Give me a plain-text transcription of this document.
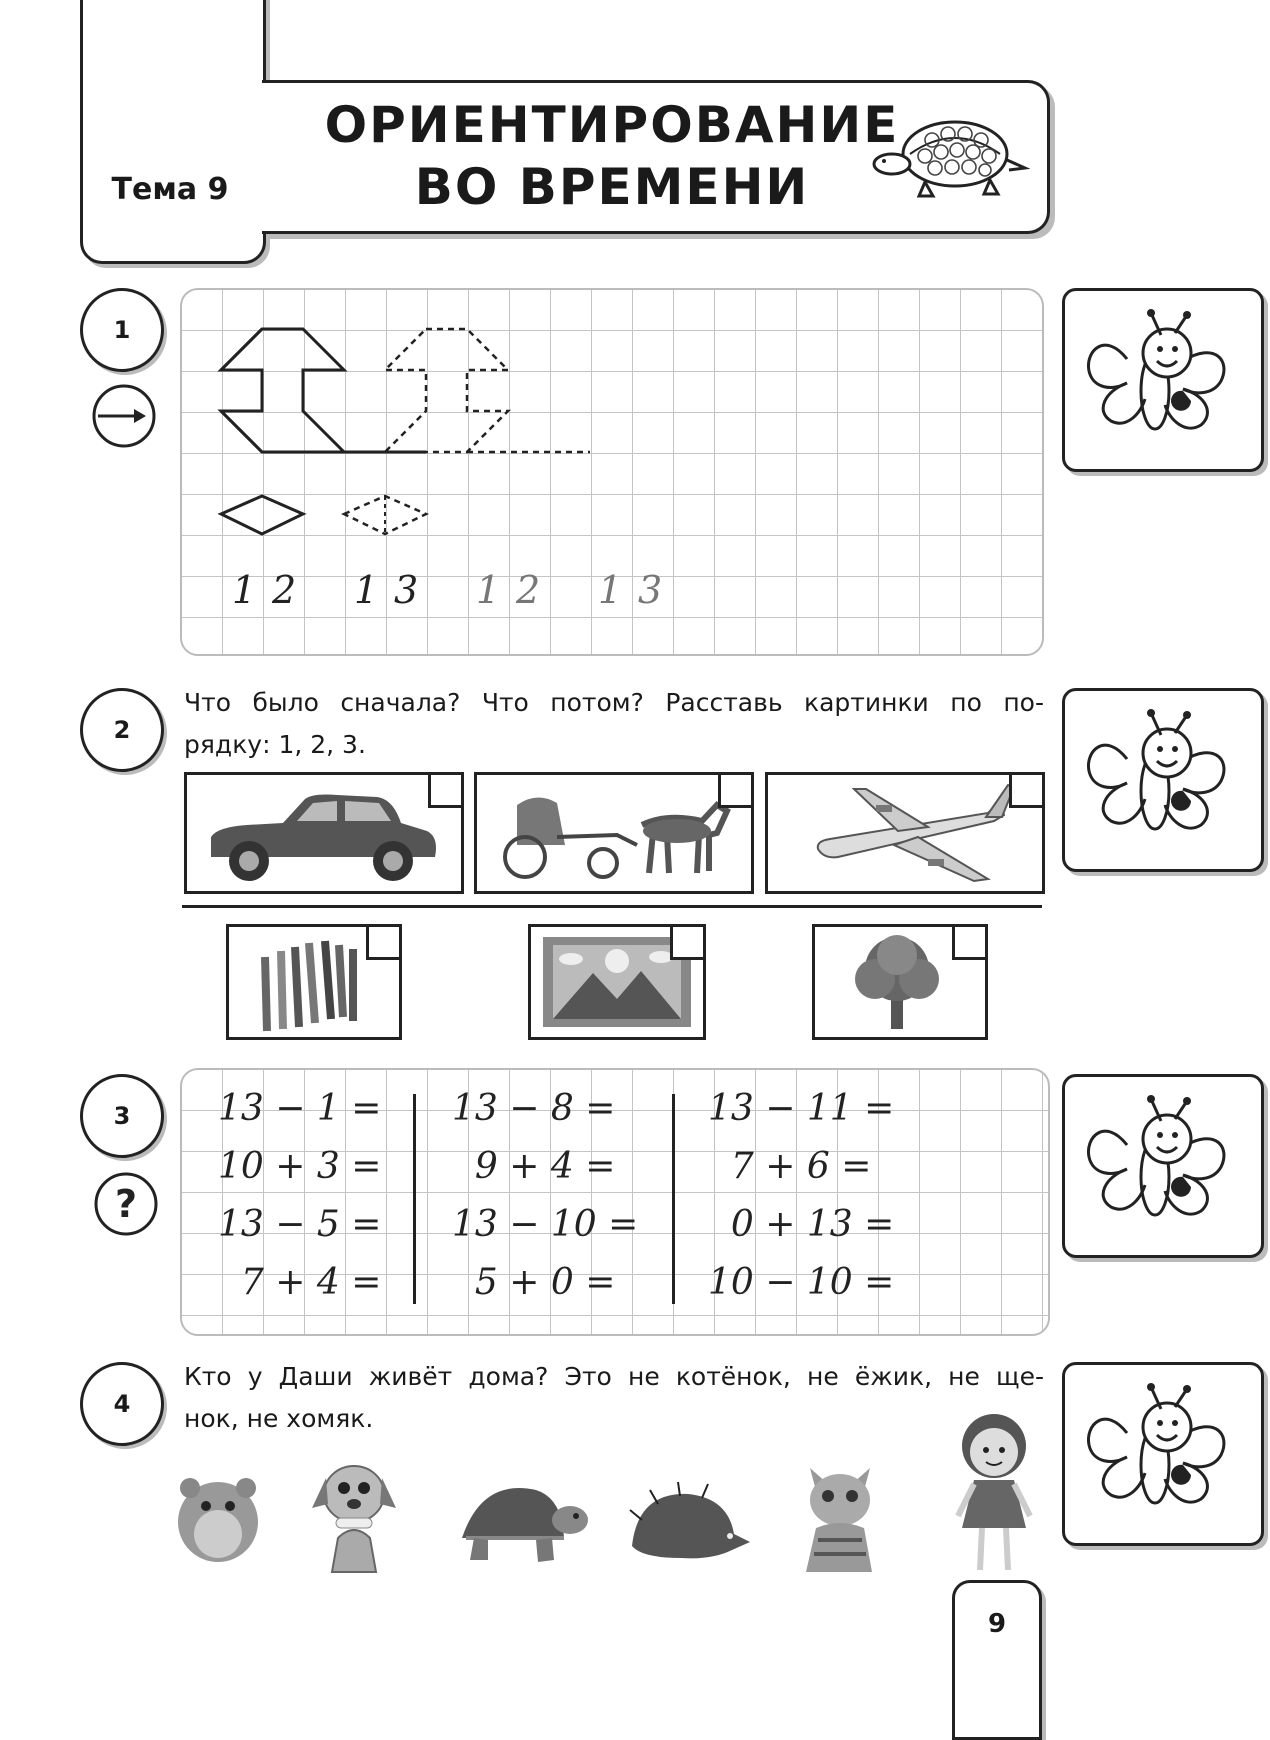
Тема 9
ОРИЕНТИРОВАНИЕ
ВО ВРЕМЕНИ
1
1 2 1 3 1 2 1 3
2
Что было сначала? Что потом? Расставь картинки по по-
рядку: 1, 2, 3.
3
?
13 − 1 =
10 + 3 =
13 − 5 =
7 + 4 =
13 − 8 =
9 + 4 =
13 − 10 =
5 + 0 =
13 − 11 =
7 + 6 =
0 + 13 =
10 − 10 =
4
Кто у Даши живёт дома? Это не котёнок, не ёжик, не ще-
нок, не хомяк.
9
